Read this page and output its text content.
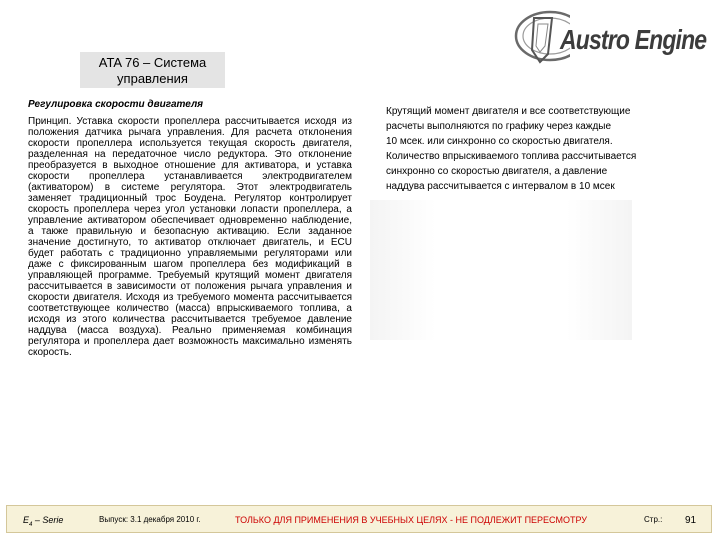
Austro Engine
ATA 76 – Система
управления
Регулировка скорости двигателя

Принцип. Уставка скорости пропеллера рассчитывается исходя из положения датчика рычага управления. Для расчета отклонения скорости пропеллера используется текущая скорость двигателя, разделенная на передаточное число редуктора. Это отклонение преобразуется в выходное отношение для активатора, и уставка скорости пропеллера устанавливается электродвигателем (активатором) в системе регулятора. Этот электродвигатель заменяет традиционный трос Боудена. Регулятор контролирует скорость пропеллера через угол установки лопасти пропеллера, а управление активатором обеспечивает одновременно наблюдение, а также правильную и безопасную активацию. Если заданное значение достигнуто, то активатор отключает двигатель, и ECU будет работать с традиционно управляемыми регуляторами или даже с фиксированным шагом пропеллера без модификаций в управляющей программе. Требуемый крутящий момент двигателя рассчитывается в зависимости от положения рычага управления и скорости двигателя. Исходя из требуемого момента рассчитывается соответствующее количество (масса) впрыскиваемого топлива, а исходя из этого количества рассчитывается требуемое давление наддува (масса воздуха). Реально применяемая комбинация регулятора и пропеллера дает возможность максимально изменять скорость.

Крутящий момент двигателя и все соответствующие
расчеты выполняются по графику через каждые
10 мсек. или синхронно со скоростью двигателя.
Количество впрыскиваемого топлива рассчитывается
синхронно со скоростью двигателя, а давление
наддува рассчитывается с интервалом в 10 мсек
$E_4$ – Serie	Выпуск: 3.1 декабря 2010 г.	ТОЛЬКО ДЛЯ ПРИМЕНЕНИЯ В УЧЕБНЫХ ЦЕЛЯХ - НЕ ПОДЛЕЖИТ ПЕРЕСМОТРУ	Стр.: 91
